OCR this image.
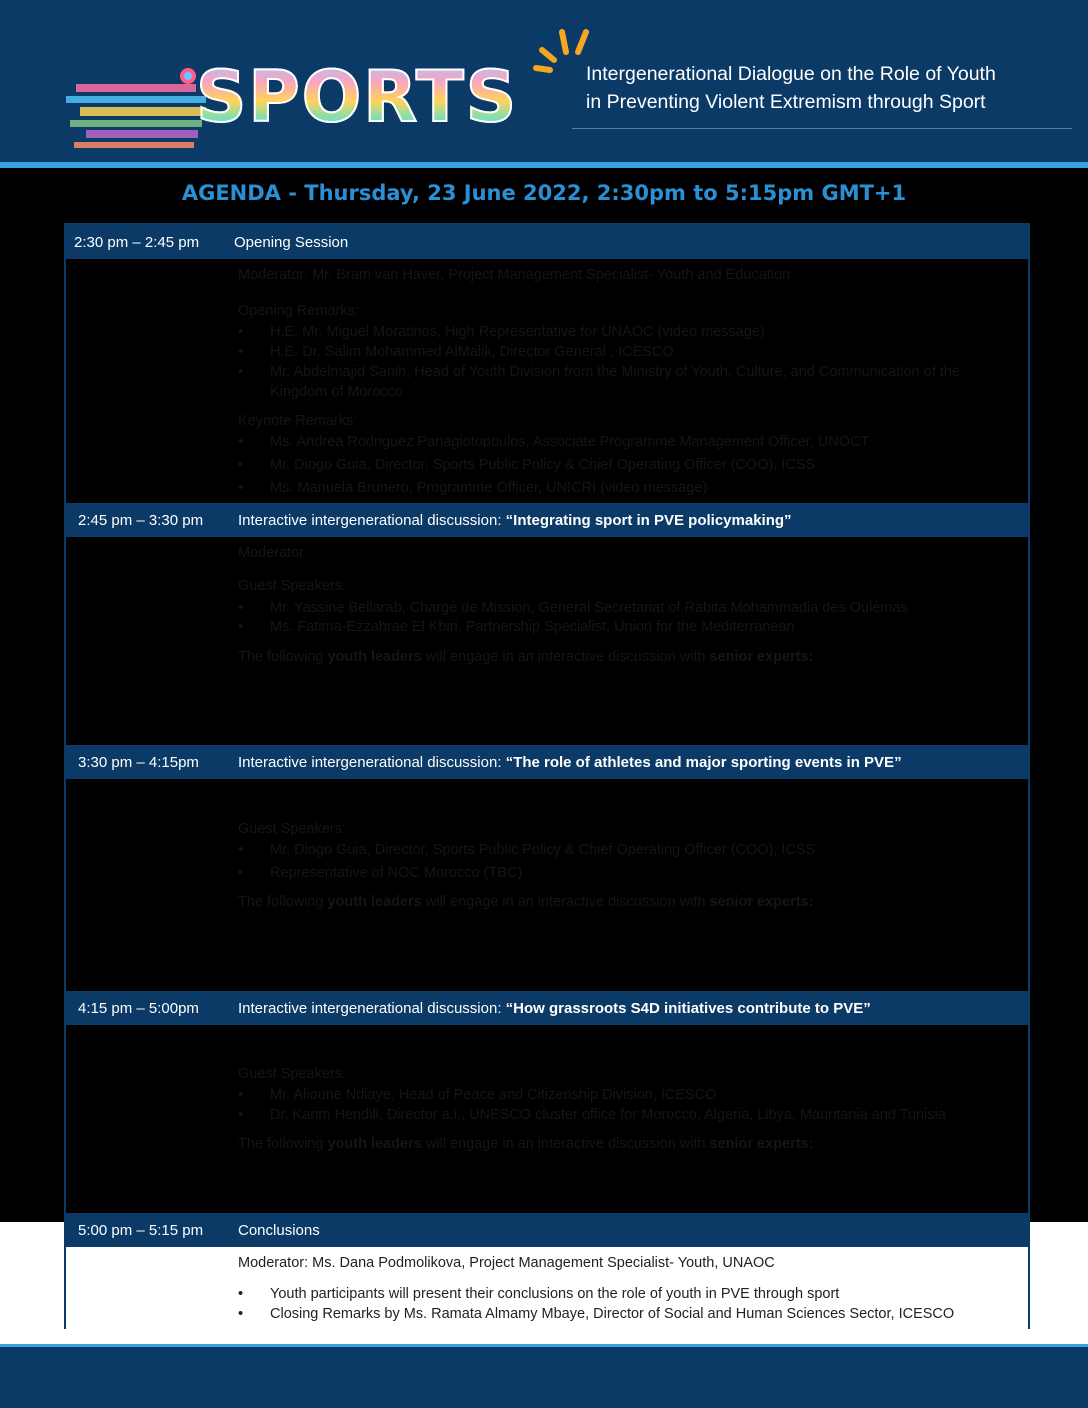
SPORTS	Intergenerational Dialogue on the Role of Youth
in Preventing Violent Extremism through Sport
AGENDA - Thursday, 23 June 2022, 2:30pm to 5:15pm GMT+1
2:30 pm – 2:45 pm Opening Session
Moderator: Mr. Bram van Haver, Project Management Specialist- Youth and Education
Opening Remarks:
• H.E. Mr. Miguel Moratinos, High Representative for UNAOC (video message)
• H.E. Dr. Salim Mohammed AlMalik, Director General , ICESCO
• Mr. Abdelmajid Sanih, Head of Youth Division from the Ministry of Youth, Culture, and Communication of the
Kingdom of Morocco
Keynote Remarks:
• Ms. Andrea Rodriguez Panagiotopoulos, Associate Programme Management Officer, UNOCT
• Mr. Diogo Guia, Director, Sports Public Policy & Chief Operating Officer (COO), ICSS
• Ms. Manuela Brunero, Programme Officer, UNICRI (video message)
2:45 pm – 3:30 pm Interactive intergenerational discussion: “Integrating sport in PVE policymaking”
Moderator:
Guest Speakers:
• Mr. Yassine Bellarab, Chargé de Mission, General Secretariat of Rabita Mohammadia des Oulémas
• Ms. Fatima-Ezzahrae El Kbiri, Partnership Specialist, Union for the Mediterranean
The following youth leaders will engage in an interactive discussion with senior experts:
3:30 pm – 4:15pm	Interactive intergenerational discussion: “The role of athletes and major sporting events in PVE”
Guest Speakers:
• Mr. Diogo Guia, Director, Sports Public Policy & Chief Operating Officer (COO), ICSS
• Representative of NOC Morocco (TBC)
The following youth leaders will engage in an interactive discussion with senior experts:
4:15 pm – 5:00pm	Interactive intergenerational discussion: “How grassroots S4D initiatives contribute to PVE”
Guest Speakers:
• Mr. Alioune Ndiaye, Head of Peace and Citizenship Division, ICESCO
• Dr. Karim Hendili, Director a.i., UNESCO cluster office for Morocco, Algeria, Libya, Mauritania and Tunisia
The following youth leaders will engage in an interactive discussion with senior experts:
5:00 pm – 5:15 pm Conclusions
Moderator: Ms. Dana Podmolikova, Project Management Specialist- Youth, UNAOC
• Youth participants will present their conclusions on the role of youth in PVE through sport
• Closing Remarks by Ms. Ramata Almamy Mbaye, Director of Social and Human Sciences Sector, ICESCO
